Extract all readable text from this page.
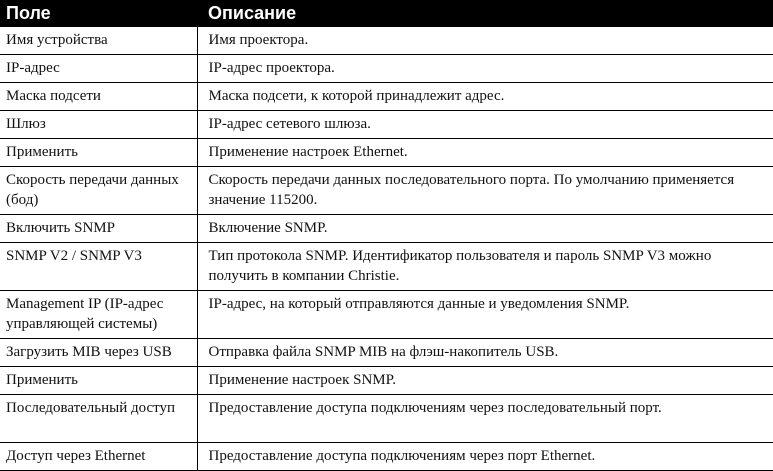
Поле	Описание
Имя устройства	Имя проектора.
IP-адрес	IP-адрес проектора.
Маска подсети	Маска подсети, к которой принадлежит адрес.
Шлюз	IP-адрес сетевого шлюза.
Применить	Применение настроек Ethernet.
Скорость передачи данных (бод)	Скорость передачи данных последовательного порта. По умолчанию применяется значение 115200.
Включить SNMP	Включение SNMP.
SNMP V2 / SNMP V3	Тип протокола SNMP. Идентификатор пользователя и пароль SNMP V3 можно получить в компании Christie.
Management IP (IP-адрес управляющей системы)	IP-адрес, на который отправляются данные и уведомления SNMP.
Загрузить MIB через USB	Отправка файла SNMP MIB на флэш-накопитель USB.
Применить	Применение настроек SNMP.
Последовательный доступ	Предоставление доступа подключениям через последовательный порт.
Доступ через Ethernet	Предоставление доступа подключениям через порт Ethernet.
